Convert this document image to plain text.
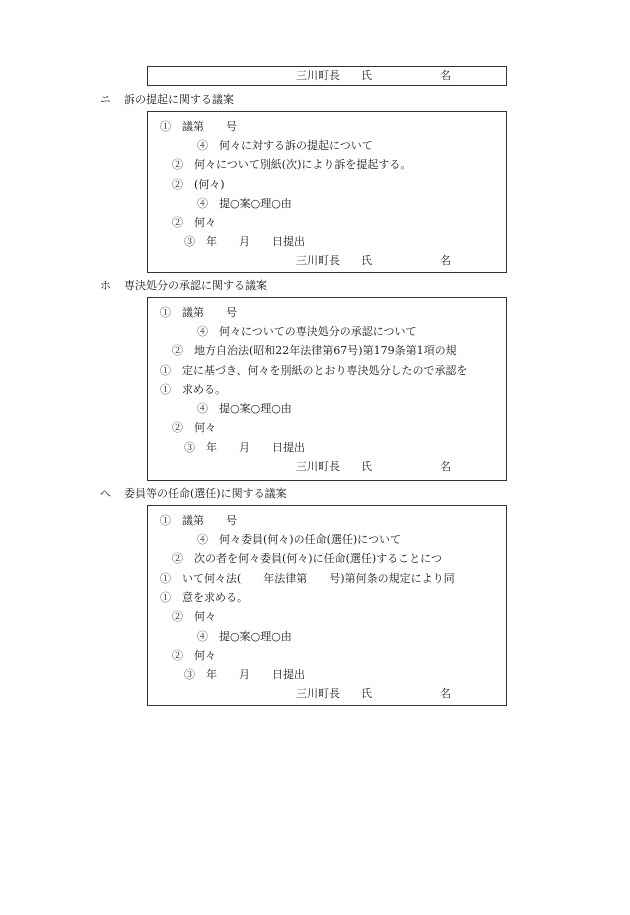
三川町長 氏	名
ニ 訴の提起に関する議案
①　議第　　号
④　何々に対する訴の提起について
②　何々について別紙(次)により訴を提起する。
②　(何々)
④　提○案○理○由
②　何々
③　年　　月　　日提出
三川町長 氏	名
ホ 専決処分の承認に関する議案
①　議第　　号
④　何々についての専決処分の承認について
②　地方自治法(昭和22年法律第67号)第179条第1項の規
①　定に基づき、何々を別紙のとおり専決処分したので承認を
①　求める。
④　提○案○理○由
②　何々
③　年　　月　　日提出
三川町長 氏	名
へ 委員等の任命(選任)に関する議案
①　議第　　号
④　何々委員(何々)の任命(選任)について
②　次の者を何々委員(何々)に任命(選任)することにつ
①　いて何々法(　　年法律第　　号)第何条の規定により同
①　意を求める。
②　何々
④　提○案○理○由
②　何々
③　年　　月　　日提出
三川町長 氏	名
